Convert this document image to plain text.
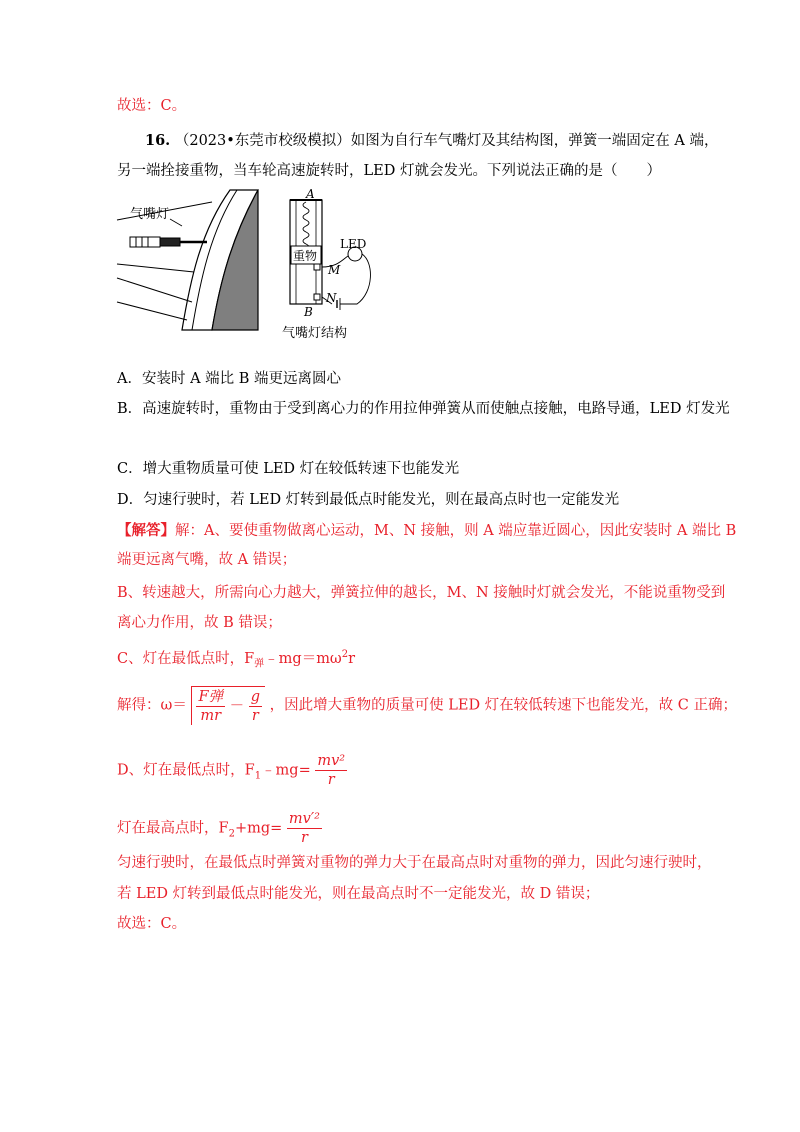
故选：C。
16. （2023•东莞市校级模拟）如图为自行车气嘴灯及其结构图，弹簧一端固定在 A 端，
另一端拴接重物，当车轮高速旋转时，LED 灯就会发光。下列说法正确的是（　　）
气嘴灯
重物
LED
M
N
A
B
气嘴灯结构
A．安装时 A 端比 B 端更远离圆心
B．高速旋转时，重物由于受到离心力的作用拉伸弹簧从而使触点接触，电路导通，LED 灯发光
C．增大重物质量可使 LED 灯在较低转速下也能发光
D．匀速行驶时，若 LED 灯转到最低点时能发光，则在最高点时也一定能发光
【解答】解：A、要使重物做离心运动，M、N 接触，则 A 端应靠近圆心，因此安装时 A 端比 B
端更远离气嘴，故 A 错误；
B、转速越大，所需向心力越大，弹簧拉伸的越长，M、N 接触时灯就会发光，不能说重物受到
离心力作用，故 B 错误；
C、灯在最低点时，$F_弹﹣mg=m\omega^2r$
解得：$\omega= \frac{\text{F弹}}{mr} - \frac{g}{r}$ ，因此增大重物的质量可使 LED 灯在较低转速下也能发光，故 C 正确；
D、灯在最低点时，$F_1﹣mg= \frac{\text{mv²}}{r}$
灯在最高点时，$F_2+mg= \frac{\text{mv′²}}{r}$
匀速行驶时，在最低点时弹簧对重物的弹力大于在最高点时对重物的弹力，因此匀速行驶时，
若 LED 灯转到最低点时能发光，则在最高点时不一定能发光，故 D 错误；
故选：C。
